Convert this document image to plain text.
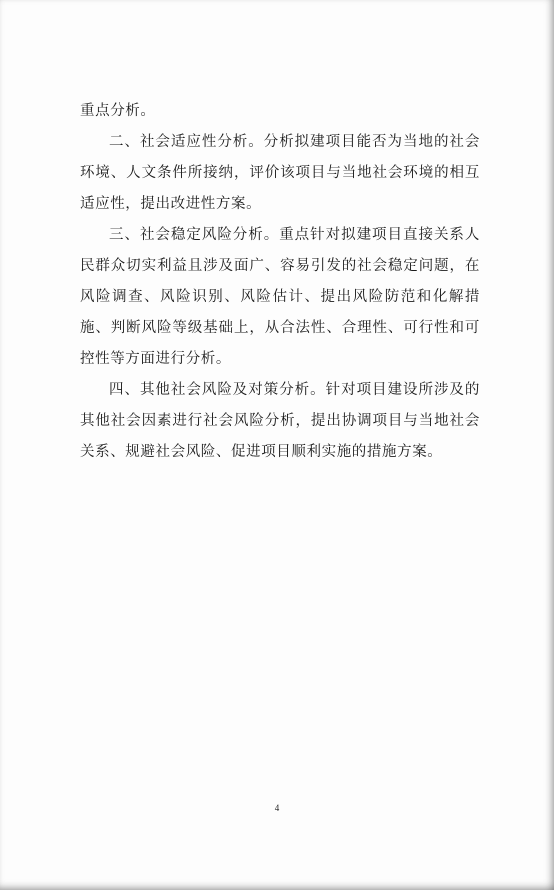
重点分析。

二、社会适应性分析。分析拟建项目能否为当地的社会环境、人文条件所接纳，评价该项目与当地社会环境的相互适应性，提出改进性方案。

三、社会稳定风险分析。重点针对拟建项目直接关系人民群众切实利益且涉及面广、容易引发的社会稳定问题，在风险调查、风险识别、风险估计、提出风险防范和化解措施、判断风险等级基础上，从合法性、合理性、可行性和可控性等方面进行分析。

四、其他社会风险及对策分析。针对项目建设所涉及的其他社会因素进行社会风险分析，提出协调项目与当地社会关系、规避社会风险、促进项目顺利实施的措施方案。

4
